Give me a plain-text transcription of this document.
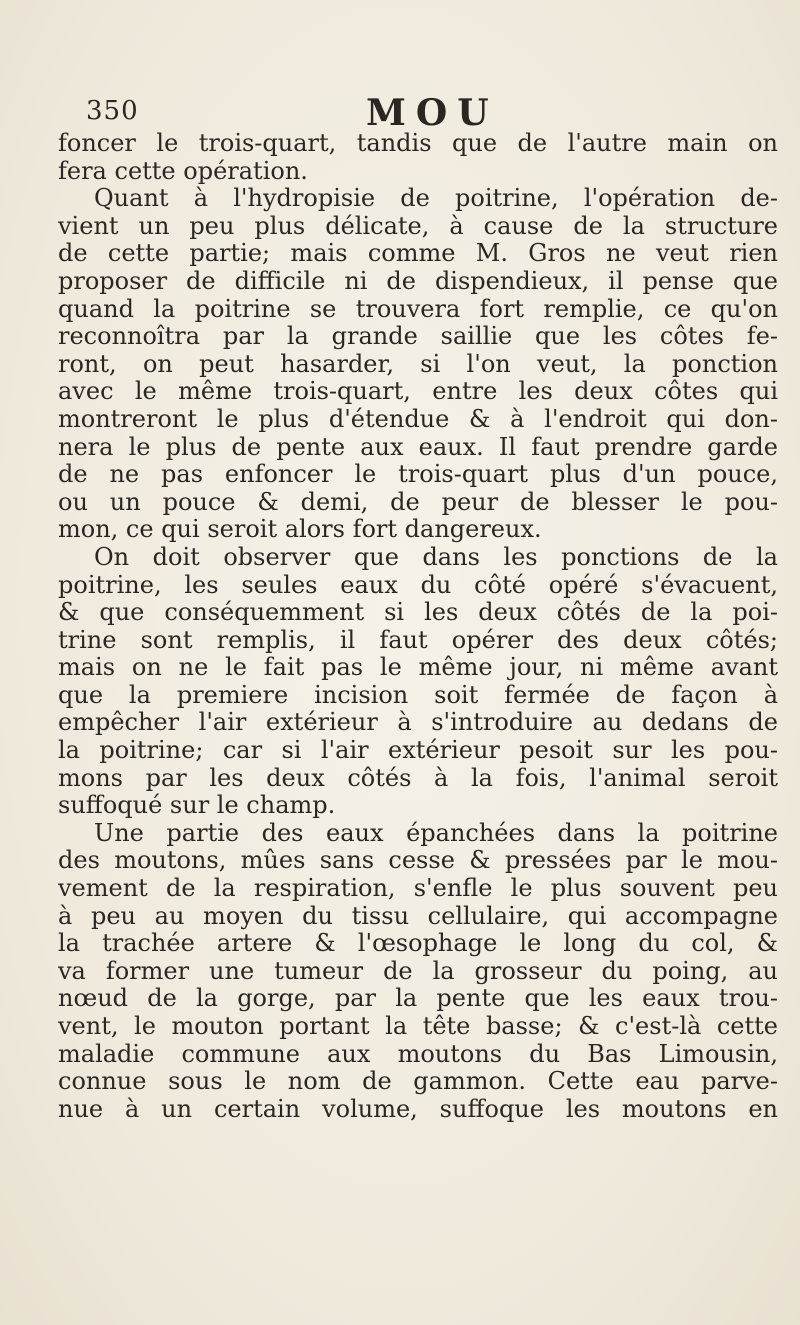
350	MOU
foncer le trois-quart, tandis que de l'autre main on
fera cette opération.
Quant à l'hydropisie de poitrine, l'opération de-
vient un peu plus délicate, à cause de la structure
de cette partie; mais comme M. Gros ne veut rien
proposer de difficile ni de dispendieux, il pense que
quand la poitrine se trouvera fort remplie, ce qu'on
reconnoîtra par la grande saillie que les côtes fe-
ront, on peut hasarder, si l'on veut, la ponction
avec le même trois-quart, entre les deux côtes qui
montreront le plus d'étendue & à l'endroit qui don-
nera le plus de pente aux eaux. Il faut prendre garde
de ne pas enfoncer le trois-quart plus d'un pouce,
ou un pouce & demi, de peur de blesser le pou-
mon, ce qui seroit alors fort dangereux.
On doit observer que dans les ponctions de la
poitrine, les seules eaux du côté opéré s'évacuent,
& que conséquemment si les deux côtés de la poi-
trine sont remplis, il faut opérer des deux côtés;
mais on ne le fait pas le même jour, ni même avant
que la premiere incision soit fermée de façon à
empêcher l'air extérieur à s'introduire au dedans de
la poitrine; car si l'air extérieur pesoit sur les pou-
mons par les deux côtés à la fois, l'animal seroit
suffoqué sur le champ.
Une partie des eaux épanchées dans la poitrine
des moutons, mûes sans cesse & pressées par le mou-
vement de la respiration, s'enfle le plus souvent peu
à peu au moyen du tissu cellulaire, qui accompagne
la trachée artere & l'œsophage le long du col, &
va former une tumeur de la grosseur du poing, au
nœud de la gorge, par la pente que les eaux trou-
vent, le mouton portant la tête basse; & c'est-là cette
maladie commune aux moutons du Bas Limousin,
connue sous le nom de gammon. Cette eau parve-
nue à un certain volume, suffoque les moutons en
